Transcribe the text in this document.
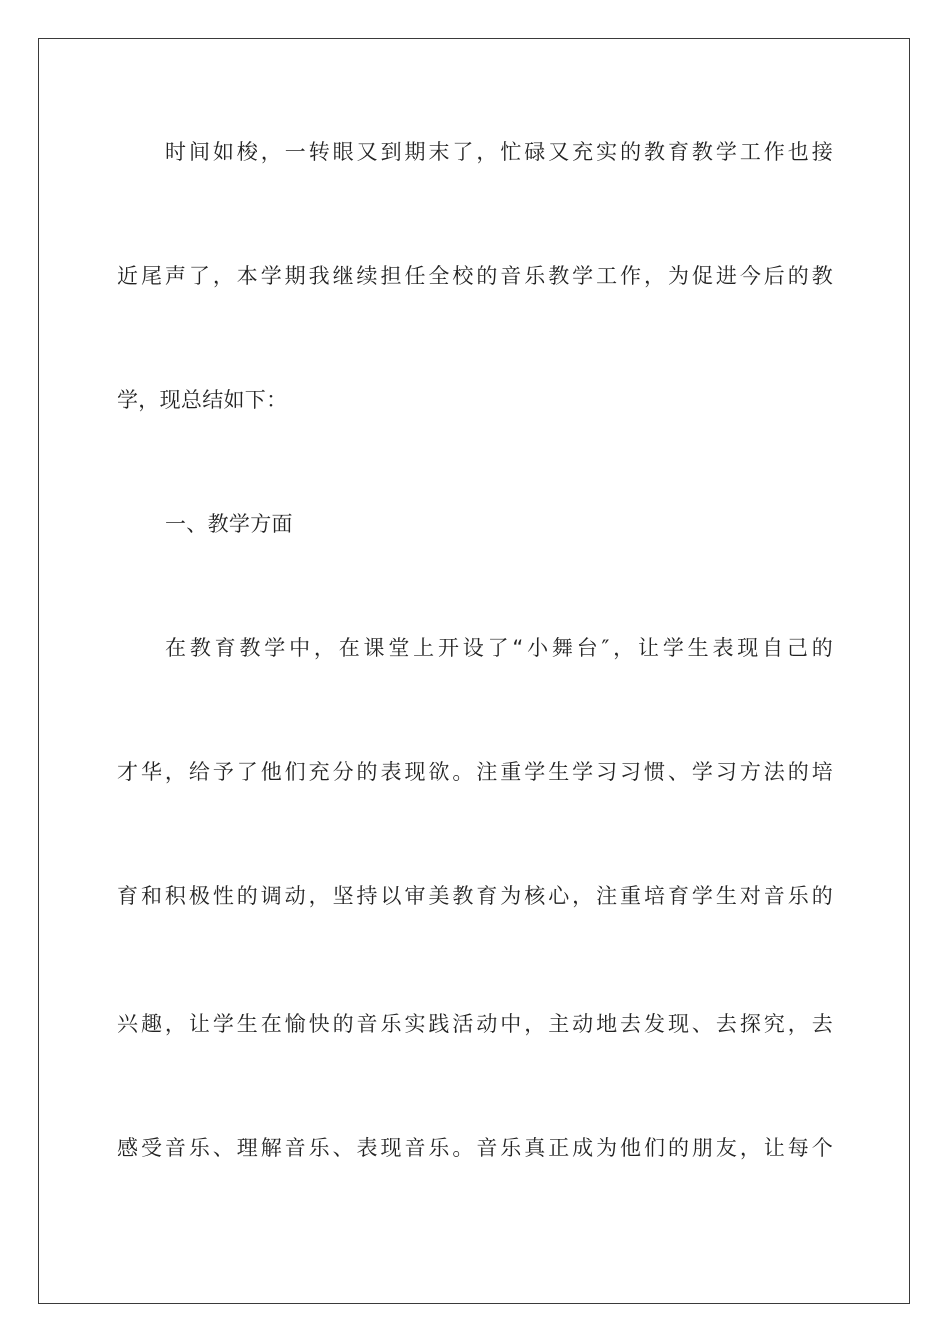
时间如梭，一转眼又到期末了，忙碌又充实的教育教学工作也接
近尾声了，本学期我继续担任全校的音乐教学工作，为促进今后的教
学，现总结如下：
一、教学方面
在教育教学中，在课堂上开设了“小舞台″，让学生表现自己的
才华，给予了他们充分的表现欲。注重学生学习习惯、学习方法的培
育和积极性的调动，坚持以审美教育为核心，注重培育学生对音乐的
兴趣，让学生在愉快的音乐实践活动中，主动地去发现、去探究，去
感受音乐、理解音乐、表现音乐。音乐真正成为他们的朋友，让每个
